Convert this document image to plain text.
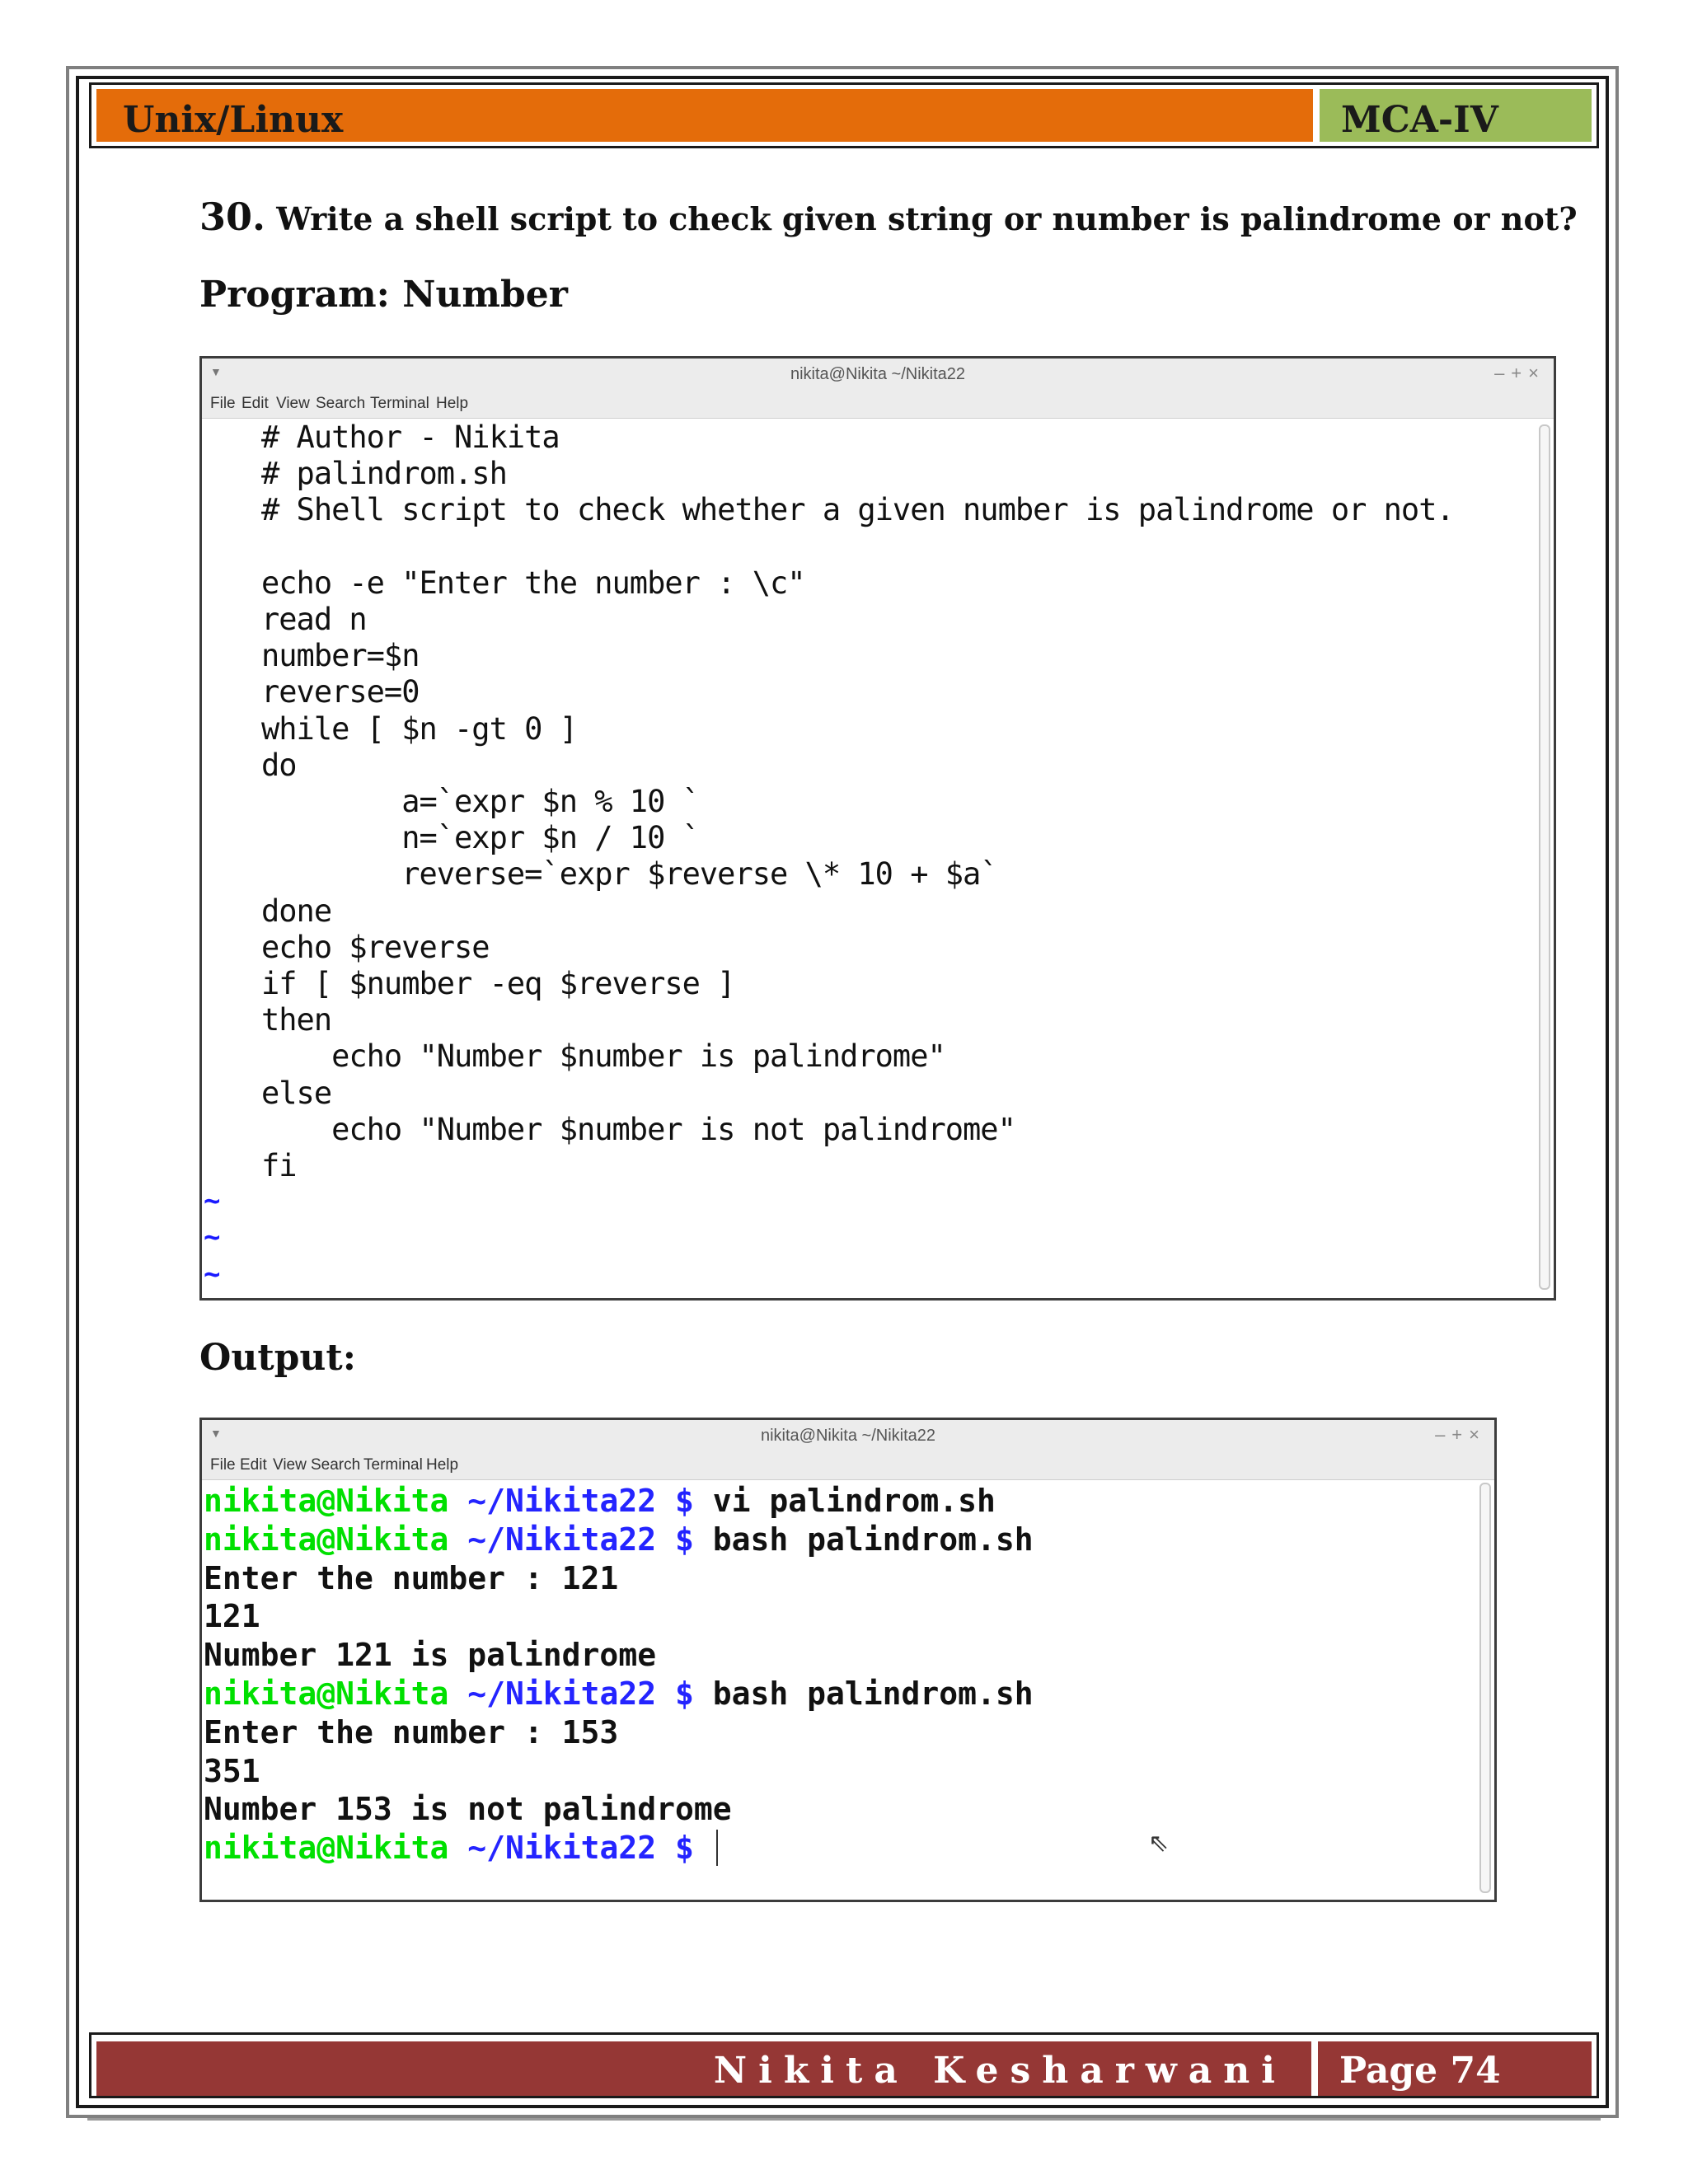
Unix/Linux	MCA-IV
30. Write a shell script to check given string or number is palindrome or not?
Program: Number
▼	nikita@Nikita ~/Nikita22	–+×
File Edit View Search Terminal Help
# Author - Nikita
# palindrom.sh
# Shell script to check whether a given number is palindrome or not.
echo -e "Enter the number : \c"
read n
number=$n
reverse=0
while [ $n -gt 0 ]
do
a=`expr $n % 10 `
n=`expr $n / 10 `
reverse=`expr $reverse \* 10 + $a`
done
echo $reverse
if [ $number -eq $reverse ]
then
echo "Number $number is palindrome"
else
echo "Number $number is not palindrome"
fi
~
~
~
Output:
▼	nikita@Nikita ~/Nikita22	–+×
File Edit View Search Terminal Help
nikita@Nikita ~/Nikita22 $ vi palindrom.sh
nikita@Nikita ~/Nikita22 $ bash palindrom.sh
Enter the number : 121
121
Number 121 is palindrome
nikita@Nikita ~/Nikita22 $ bash palindrom.sh
Enter the number : 153
351
Number 153 is not palindrome
nikita@Nikita ~/Nikita22 $	⇖
Nikita Kesharwani Page 74
